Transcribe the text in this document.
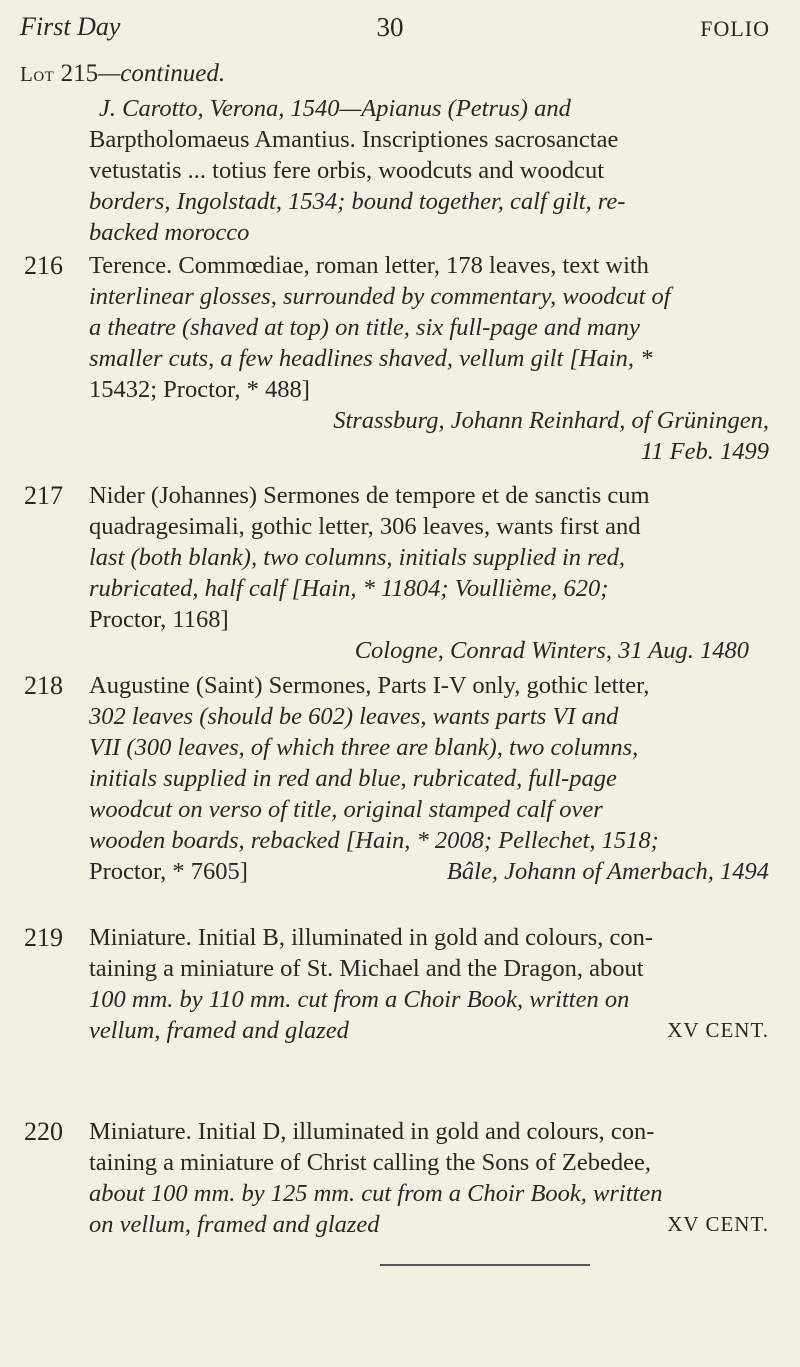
First Day	30	FOLIO
Lot 215—continued.

J. Carotto, Verona, 1540—Apianus (Petrus) and

Barptholomaeus Amantius. Inscriptiones sacrosanctae

vetustatis ... totius fere orbis, woodcuts and woodcut

borders, Ingolstadt, 1534; bound together, calf gilt, re-

backed morocco

216 Terence. Commœdiae, roman letter, 178 leaves, text with

interlinear glosses, surrounded by commentary, woodcut of

a theatre (shaved at top) on title, six full-page and many

smaller cuts, a few headlines shaved, vellum gilt [Hain, *

15432; Proctor, * 488]

Strassburg, Johann Reinhard, of Grüningen,

11 Feb. 1499

217 Nider (Johannes) Sermones de tempore et de sanctis cum

quadragesimali, gothic letter, 306 leaves, wants first and

last (both blank), two columns, initials supplied in red,

rubricated, half calf [Hain, * 11804; Voullième, 620;

Proctor, 1168]

Cologne, Conrad Winters, 31 Aug. 1480

218 Augustine (Saint) Sermones, Parts I-V only, gothic letter,

302 leaves (should be 602) leaves, wants parts VI and

VII (300 leaves, of which three are blank), two columns,

initials supplied in red and blue, rubricated, full-page

woodcut on verso of title, original stamped calf over

wooden boards, rebacked [Hain, * 2008; Pellechet, 1518;

Proctor, * 7605]	Bâle, Johann of Amerbach, 1494

219 Miniature. Initial B, illuminated in gold and colours, con-

taining a miniature of St. Michael and the Dragon, about

100 mm. by 110 mm. cut from a Choir Book, written on

vellum, framed and glazed	XV CENT.

220 Miniature. Initial D, illuminated in gold and colours, con-

taining a miniature of Christ calling the Sons of Zebedee,

about 100 mm. by 125 mm. cut from a Choir Book, written

on vellum, framed and glazed	XV CENT.
